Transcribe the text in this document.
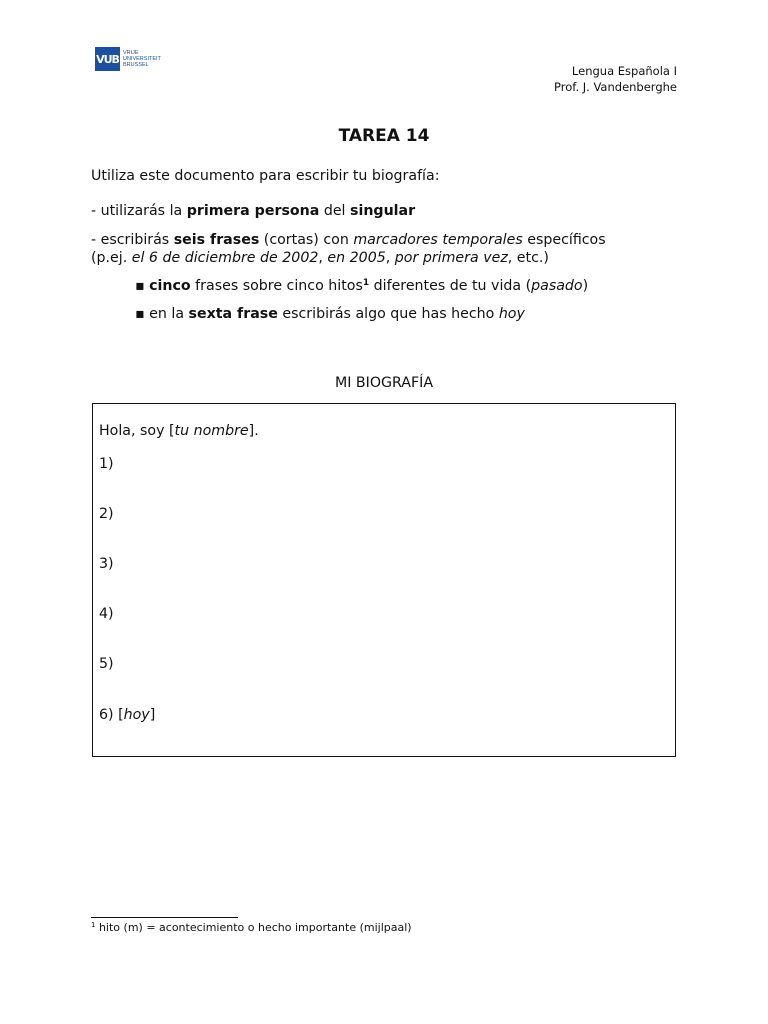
VUB VRIJE
UNIVERSITEIT
BRUSSEL	Lengua Española I
Prof. J. Vandenberghe
TAREA 14
Utiliza este documento para escribir tu biografía:
- utilizarás la primera persona del singular
- escribirás seis frases (cortas) con marcadores temporales específicos
(p.ej. el 6 de diciembre de 2002, en 2005, por primera vez, etc.)
▪ cinco frases sobre cinco hitos$^1$ diferentes de tu vida (pasado)
▪ en la sexta frase escribirás algo que has hecho hoy
MI BIOGRAFÍA
Hola, soy [tu nombre].
1)
2)
3)
4)
5)
6) [hoy]
$^1$ hito (m) = acontecimiento o hecho importante (mijlpaal)
